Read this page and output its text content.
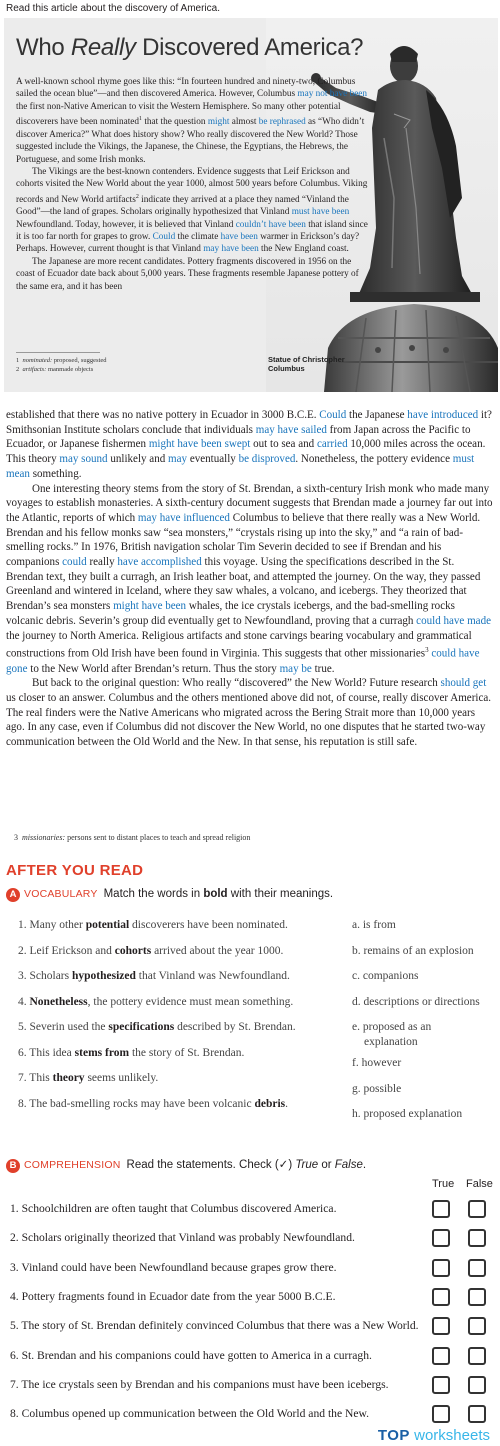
Read this article about the discovery of America.
Who Really Discovered America?

A well-known school rhyme goes like this: “In fourteen hundred and ninety-two, Columbus sailed the ocean blue”—and then discovered America. However, Columbus may not have been the first non-Native American to visit the Western Hemisphere. So many other potential discoverers have been nominated$^1$ that the question might almost be rephrased as “Who didn’t discover America?” What does history show? Who really discovered the New World? Those suggested include the Vikings, the Japanese, the Chinese, the Egyptians, the Hebrews, the Portuguese, and some Irish monks.

The Vikings are the best-known contenders. Evidence suggests that Leif Erickson and cohorts visited the New World about the year 1000, almost 500 years before Columbus. Viking records and New World artifacts$^2$ indicate they arrived at a place they named “Vinland the Good”—the land of grapes. Scholars originally hypothesized that Vinland must have been Newfoundland. Today, however, it is believed that Vinland couldn’t have been that island since it is too far north for grapes to grow. Could the climate have been warmer in Erickson’s day? Perhaps. However, current thought is that Vinland may have been the New England coast.

The Japanese are more recent candidates. Pottery fragments discovered in 1956 on the coast of Ecuador date back about 5,000 years. These fragments resemble Japanese pottery of the same era, and it has been

1  nominated: proposed, suggested
2  artifacts: manmade objects
Statue of Christopher
Columbus

established that there was no native pottery in Ecuador in 3000 B.C.E. Could the Japanese have introduced it? Smithsonian Institute scholars conclude that individuals may have sailed from Japan across the Pacific to Ecuador, or Japanese fishermen might have been swept out to sea and carried 10,000 miles across the ocean. This theory may sound unlikely and may eventually be disproved. Nonetheless, the pottery evidence must mean something.

One interesting theory stems from the story of St. Brendan, a sixth-century Irish monk who made many voyages to establish monasteries. A sixth-century document suggests that Brendan made a journey far out into the Atlantic, reports of which may have influenced Columbus to believe that there really was a New World. Brendan and his fellow monks saw “sea monsters,” “crystals rising up into the sky,” and “a rain of bad-smelling rocks.” In 1976, British navigation scholar Tim Severin decided to see if Brendan and his companions could really have accomplished this voyage. Using the specifications described in the St. Brendan text, they built a curragh, an Irish leather boat, and attempted the journey. On the way, they passed Greenland and wintered in Iceland, where they saw whales, a volcano, and icebergs. They theorized that Brendan’s sea monsters might have been whales, the ice crystals icebergs, and the bad-smelling rocks volcanic debris. Severin’s group did eventually get to Newfoundland, proving that a curragh could have made the journey to North America. Religious artifacts and stone carvings bearing vocabulary and grammatical constructions from Old Irish have been found in Virginia. This suggests that other missionaries$^3$ could have gone to the New World after Brendan’s return. Thus the story may be true.

But back to the original question: Who really “discovered” the New World? Future research should get us closer to an answer. Columbus and the others mentioned above did not, of course, really discover America. The real finders were the Native Americans who migrated across the Bering Strait more than 10,000 years ago. In any case, even if Columbus did not discover the New World, no one disputes that he started two-way communication between the Old World and the New. In that sense, his reputation is still safe.

3  missionaries: persons sent to distant places to teach and spread religion
AFTER YOU READ
A VOCABULARY Match the words in bold with their meanings.
1. Many other potential discoverers have been nominated.
2. Leif Erickson and cohorts arrived about the year 1000.
3. Scholars hypothesized that Vinland was Newfoundland.
4. Nonetheless, the pottery evidence must mean something.
5. Severin used the specifications described by St. Brendan.
6. This idea stems from the story of St. Brendan.
7. This theory seems unlikely.
8. The bad-smelling rocks may have been volcanic debris.
a. is from
b. remains of an explosion
c. companions
d. descriptions or directions
e. proposed as an
explanation
f. however
g. possible
h. proposed explanation
B COMPREHENSION Read the statements. Check (✓) True or False.
True False
1. Schoolchildren are often taught that Columbus discovered America.
2. Scholars originally theorized that Vinland was probably Newfoundland.
3. Vinland could have been Newfoundland because grapes grow there.
4. Pottery fragments found in Ecuador date from the year 5000 B.C.E.
5. The story of St. Brendan definitely convinced Columbus that there was a New World.
6. St. Brendan and his companions could have gotten to America in a curragh.
7. The ice crystals seen by Brendan and his companions must have been icebergs.
8. Columbus opened up communication between the Old World and the New.
TOP worksheets
